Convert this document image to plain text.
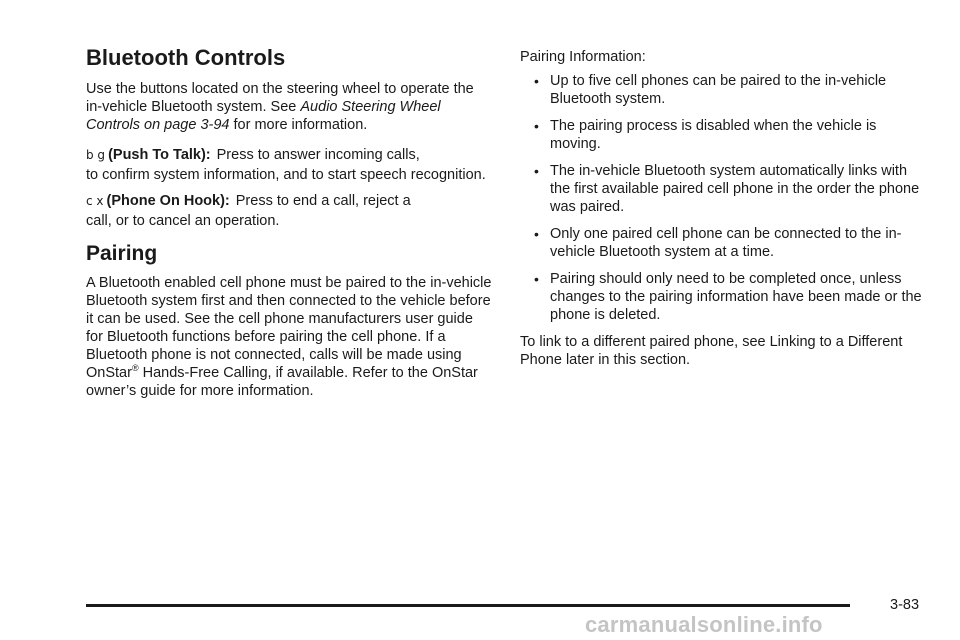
Bluetooth Controls

Use the buttons located on the steering wheel to operate the in-vehicle Bluetooth system. See Audio Steering Wheel Controls on page 3-94 for more information.

b g (Push To Talk): Press to answer incoming calls,
to confirm system information, and to start speech recognition.
c x (Phone On Hook): Press to end a call, reject a
call, or to cancel an operation.
Pairing

A Bluetooth enabled cell phone must be paired to the in-vehicle Bluetooth system first and then connected to the vehicle before it can be used. See the cell phone manufacturers user guide for Bluetooth functions before pairing the cell phone. If a Bluetooth phone is not connected, calls will be made using OnStar® Hands-Free Calling, if available. Refer to the OnStar owner’s guide for more information.

Pairing Information:

• Up to five cell phones can be paired to the in-vehicle Bluetooth system.
• The pairing process is disabled when the vehicle is moving.
• The in-vehicle Bluetooth system automatically links with the first available paired cell phone in the order the phone was paired.
• Only one paired cell phone can be connected to the in-vehicle Bluetooth system at a time.
• Pairing should only need to be completed once, unless changes to the pairing information have been made or the phone is deleted.

To link to a different paired phone, see Linking to a Different Phone later in this section.

3-83
carmanualsonline.info
